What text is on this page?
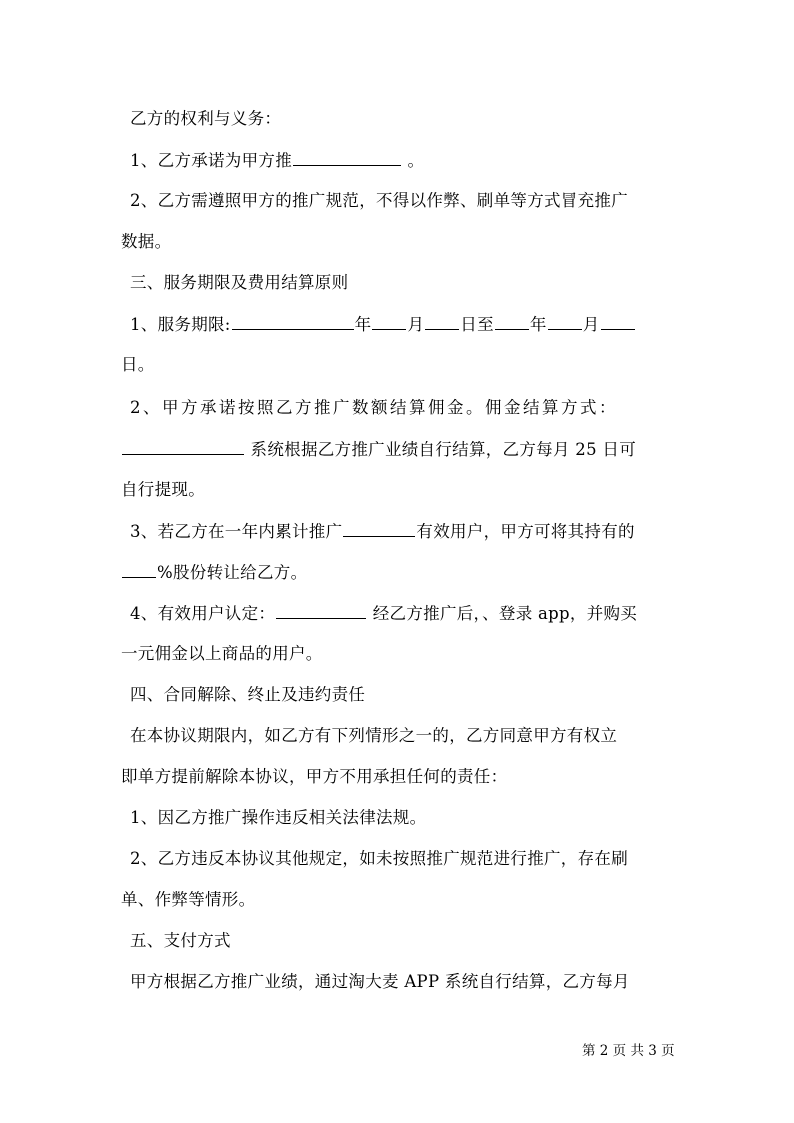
乙方的权利与义务：
1、乙方承诺为甲方推	。
2、乙方需遵照甲方的推广规范，不得以作弊、刷单等方式冒充推广
数据。
三、服务期限及费用结算原则
1、服务期限:	年 月 日至 年 月
日。
2、甲方承诺按照乙方推广数额结算佣金。佣金结算方式：
系统根据乙方推广业绩自行结算，乙方每月 25 日可
自行提现。
3、若乙方在一年内累计推广	有效用户，甲方可将其持有的
%股份转让给乙方。
4、有效用户认定：	经乙方推广后，、登录 app，并购买
一元佣金以上商品的用户。
四、合同解除、终止及违约责任
在本协议期限内，如乙方有下列情形之一的，乙方同意甲方有权立
即单方提前解除本协议，甲方不用承担任何的责任：
1、因乙方推广操作违反相关法律法规。
2、乙方违反本协议其他规定，如未按照推广规范进行推广，存在刷
单、作弊等情形。
五、支付方式
甲方根据乙方推广业绩，通过淘大麦 APP 系统自行结算，乙方每月
第 2 页 共 3 页
